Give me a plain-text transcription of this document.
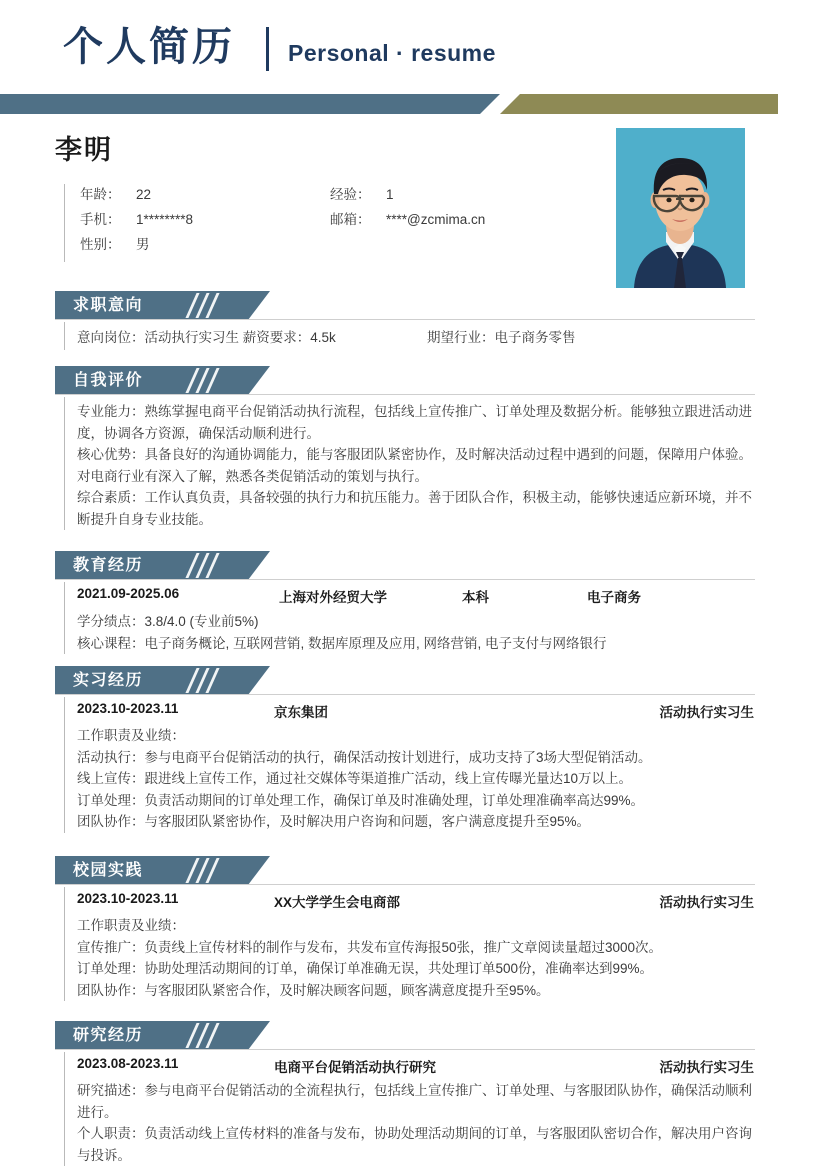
个人简历 Personal · resume
李明
年龄：	22	经验：	1
手机：	1********8	邮箱：	****@zcmima.cn
性别：	男
求职意向
意向岗位：活动执行实习生 薪资要求：4.5k	期望行业：电子商务零售
自我评价
专业能力：熟练掌握电商平台促销活动执行流程，包括线上宣传推广、订单处理及数据分析。能够独立跟进活动进度，协调各方资源，确保活动顺利进行。
核心优势：具备良好的沟通协调能力，能与客服团队紧密协作，及时解决活动过程中遇到的问题，保障用户体验。对电商行业有深入了解，熟悉各类促销活动的策划与执行。
综合素质：工作认真负责，具备较强的执行力和抗压能力。善于团队合作，积极主动，能够快速适应新环境，并不断提升自身专业技能。
教育经历
2021.09-2025.06	上海对外经贸大学	本科	电子商务
学分绩点：3.8/4.0 (专业前5%)
核心课程：电子商务概论, 互联网营销, 数据库原理及应用, 网络营销, 电子支付与网络银行
实习经历
2023.10-2023.11	京东集团	活动执行实习生
工作职责及业绩：
活动执行：参与电商平台促销活动的执行，确保活动按计划进行，成功支持了3场大型促销活动。
线上宣传：跟进线上宣传工作，通过社交媒体等渠道推广活动，线上宣传曝光量达10万以上。
订单处理：负责活动期间的订单处理工作，确保订单及时准确处理，订单处理准确率高达99%。
团队协作：与客服团队紧密协作，及时解决用户咨询和问题，客户满意度提升至95%。
校园实践
2023.10-2023.11	XX大学学生会电商部	活动执行实习生
工作职责及业绩：
宣传推广：负责线上宣传材料的制作与发布，共发布宣传海报50张，推广文章阅读量超过3000次。
订单处理：协助处理活动期间的订单，确保订单准确无误，共处理订单500份，准确率达到99%。
团队协作：与客服团队紧密合作，及时解决顾客问题，顾客满意度提升至95%。
研究经历
2023.08-2023.11	电商平台促销活动执行研究	活动执行实习生
研究描述：参与电商平台促销活动的全流程执行，包括线上宣传推广、订单处理、与客服团队协作，确保活动顺利进行。
个人职责：负责活动线上宣传材料的准备与发布，协助处理活动期间的订单，与客服团队密切合作，解决用户咨询与投诉。
